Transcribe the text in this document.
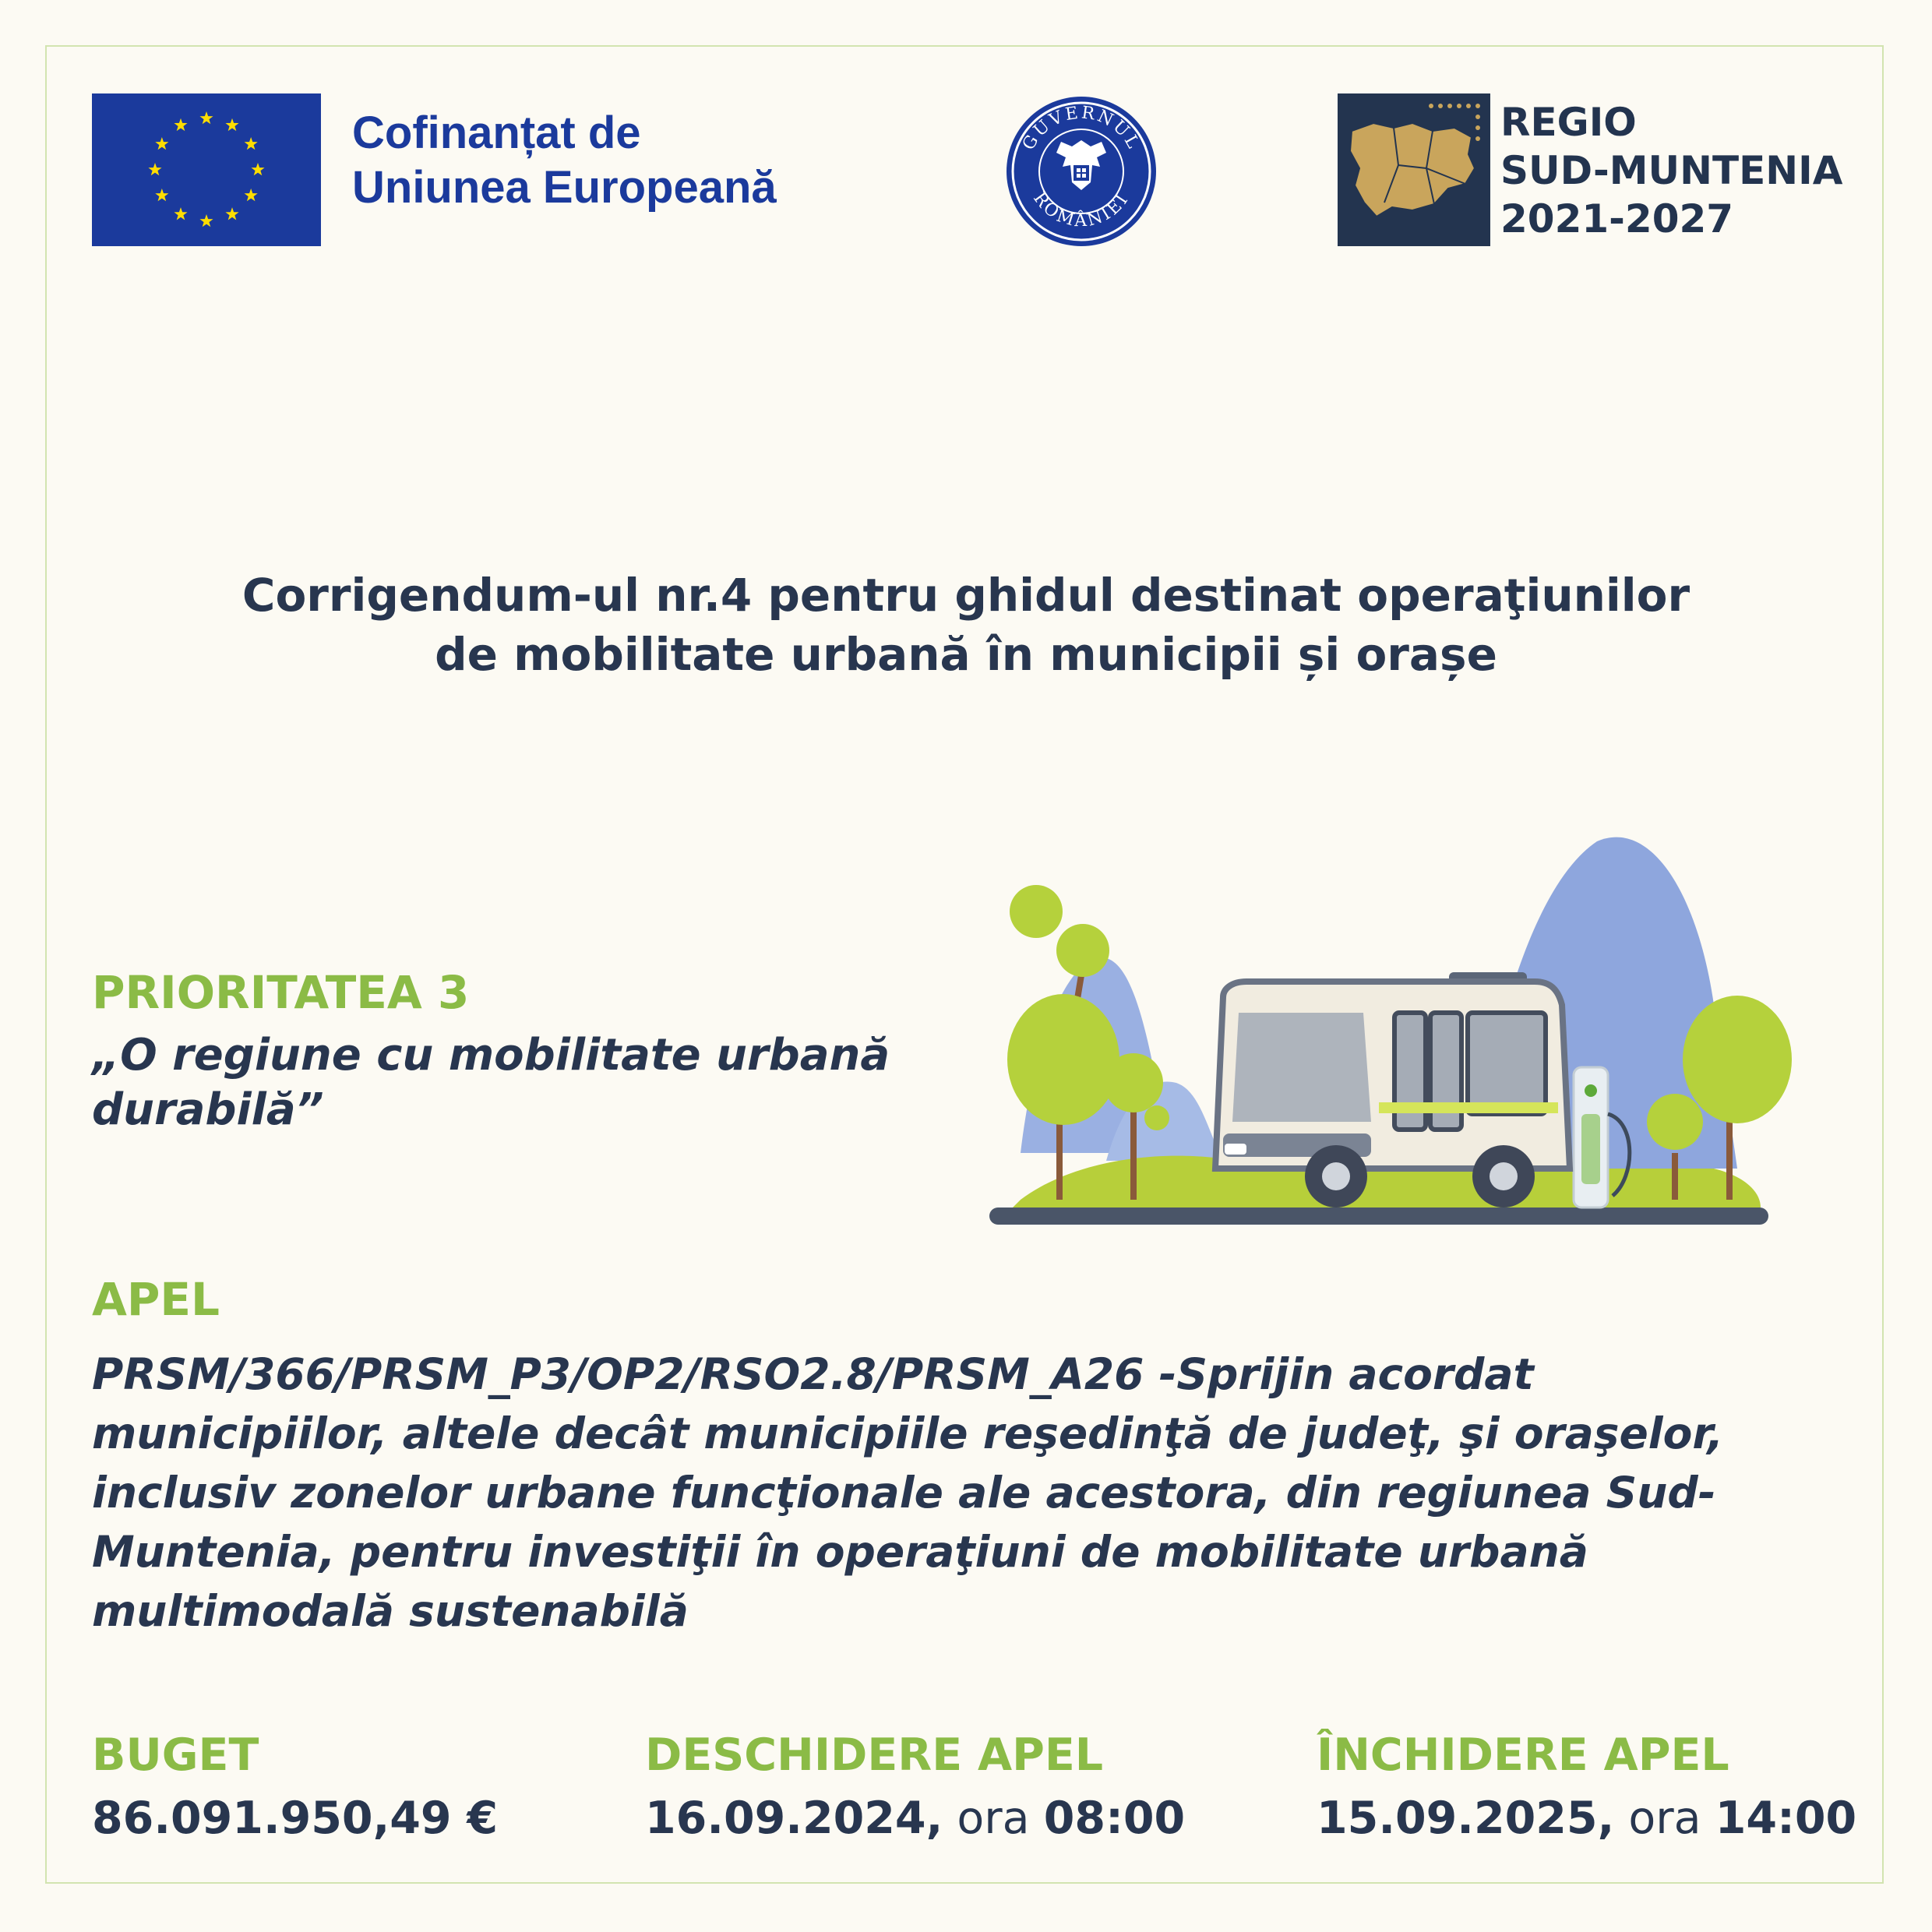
Cofinanțat de
Uniunea Europeană
GUVERNUL
ROMÂNIEI
REGIO
SUD-MUNTENIA
2021-2027
Corrigendum-ul nr.4 pentru ghidul destinat operaţiunilor
de mobilitate urbană în municipii și orașe
PRIORITATEA 3
„O regiune cu mobilitate urbană durabilă”
APEL
PRSM/366/PRSM_P3/OP2/RSO2.8/PRSM_A26 -Sprijin acordat municipiilor, altele decât municipiile reşedinţă de judeţ, şi oraşelor, inclusiv zonelor urbane funcţionale ale acestora, din regiunea Sud-Muntenia, pentru investiţii în operaţiuni de mobilitate urbană multimodală sustenabilă
BUGET
86.091.950,49 €
DESCHIDERE APEL
16.09.2024, ora 08:00
ÎNCHIDERE APEL
15.09.2025, ora 14:00
